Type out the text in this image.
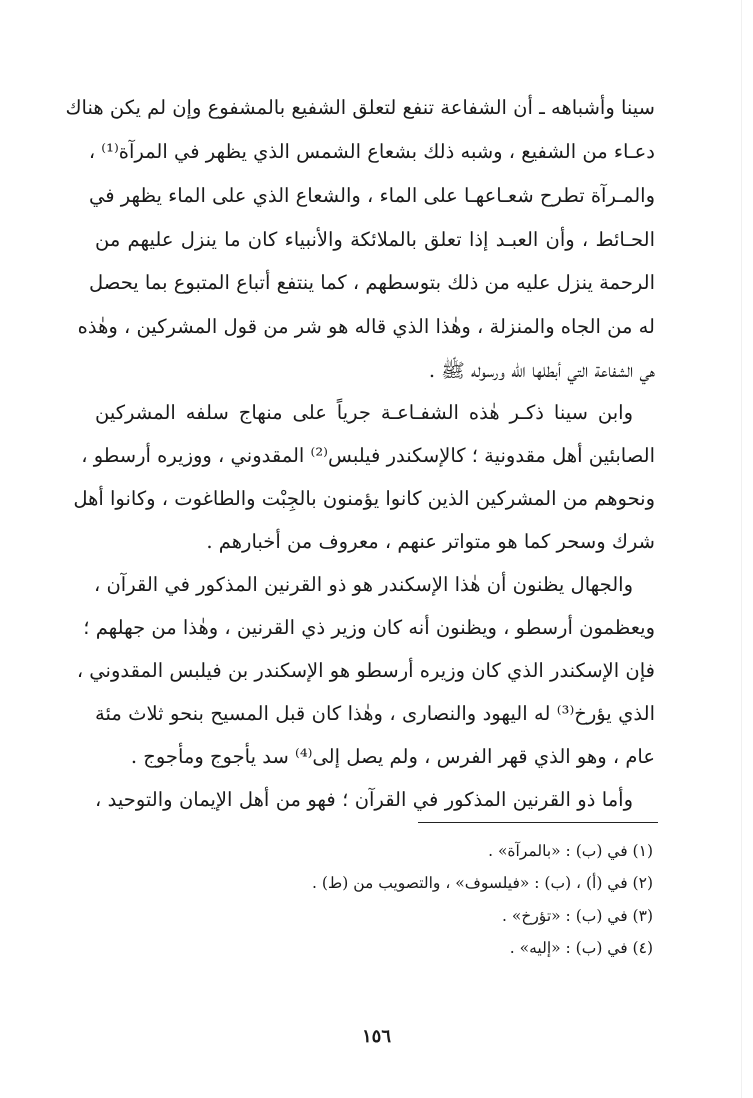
سينا وأشباهه ـ أن الشفاعة تنفع لتعلق الشفيع بالمشفوع وإن لم يكن هناك
دعـاء من الشفيع ، وشبه ذلك بشعاع الشمس الذي يظهر في المرآة⁽¹⁾ ،
والمـرآة تطرح شعـاعهـا على الماء ، والشعاع الذي على الماء يظهر في
الحـائط ، وأن العبـد إذا تعلق بالملائكة والأنبياء كان ما ينزل عليهم من
الرحمة ينزل عليه من ذلك بتوسطهم ، كما ينتفع أتباع المتبوع بما يحصل
له من الجاه والمنزلة ، وهٰذا الذي قاله هو شر من قول المشركين ، وهٰذه
هي الشفاعة التي أبطلها الله ورسوله ﷺ .
وابن سينا ذكـر هٰذه الشفـاعـة جرياً على منهاج سلفه المشركين
الصابئين أهل مقدونية ؛ كالإسكندر فيلبس⁽²⁾ المقدوني ، ووزيره أرسطو ،
ونحوهم من المشركين الذين كانوا يؤمنون بالجِبْت والطاغوت ، وكانوا أهل
شرك وسحر كما هو متواتر عنهم ، معروف من أخبارهم .
والجهال يظنون أن هٰذا الإسكندر هو ذو القرنين المذكور في القرآن ،
ويعظمون أرسطو ، ويظنون أنه كان وزير ذي القرنين ، وهٰذا من جهلهم ؛
فإن الإسكندر الذي كان وزيره أرسطو هو الإسكندر بن فيلبس المقدوني ،
الذي يؤرخ⁽³⁾ له اليهود والنصارى ، وهٰذا كان قبل المسيح بنحو ثلاث مئة
عام ، وهو الذي قهر الفرس ، ولم يصل إلى⁽⁴⁾ سد يأجوج ومأجوج .
وأما ذو القرنين المذكور في القرآن ؛ فهو من أهل الإيمان والتوحيد ،
(١) في (ب) : «بالمرآة» .
(٢) في (أ) ، (ب) : «فيلسوف» ، والتصويب من (ط) .
(٣) في (ب) : «تؤرخ» .
(٤) في (ب) : «إليه» .
١٥٦
